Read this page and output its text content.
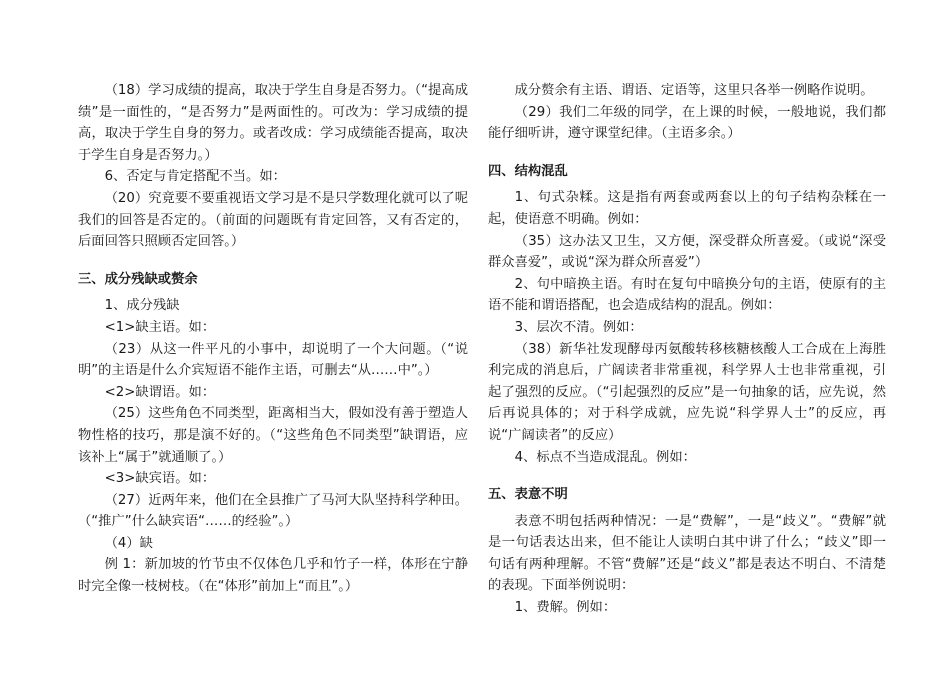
（18）学习成绩的提高，取决于学生自身是否努力。（“提高成绩”是一面性的，“是否努力”是两面性的。可改为：学习成绩的提高，取决于学生自身的努力。或者改成：学习成绩能否提高，取决于学生自身是否努力。）

6、否定与肯定搭配不当。如：

（20）究竟要不要重视语文学习是不是只学数理化就可以了呢我们的回答是否定的。（前面的问题既有肯定回答，又有否定的，后面回答只照顾否定回答。）

三、成分残缺或赘余

1、成分残缺

<1>缺主语。如：

（23）从这一件平凡的小事中，却说明了一个大问题。（“说明”的主语是什么介宾短语不能作主语，可删去“从……中”。）

<2>缺谓语。如：

（25）这些角色不同类型，距离相当大，假如没有善于塑造人物性格的技巧，那是演不好的。（“这些角色不同类型”缺谓语，应该补上“属于”就通顺了。）

<3>缺宾语。如：

（27）近两年来，他们在全县推广了马河大队坚持科学种田。（“推广”什么缺宾语“……的经验”。）

（4）缺

例 1：新加坡的竹节虫不仅体色几乎和竹子一样，体形在宁静时完全像一枝树枝。（在“体形”前加上“而且”。）

成分赘余有主语、谓语、定语等，这里只各举一例略作说明。

（29）我们二年级的同学，在上课的时候，一般地说，我们都能仔细听讲，遵守课堂纪律。（主语多余。）

四、结构混乱

1、句式杂糅。这是指有两套或两套以上的句子结构杂糅在一起，使语意不明确。例如：

（35）这办法又卫生，又方便，深受群众所喜爱。（或说“深受群众喜爱”，或说“深为群众所喜爱”）

2、句中暗换主语。有时在复句中暗换分句的主语，使原有的主语不能和谓语搭配，也会造成结构的混乱。例如：

3、层次不清。例如：

（38）新华社发现酵母丙氨酸转移核糖核酸人工合成在上海胜利完成的消息后，广阔读者非常重视，科学界人士也非常重视，引起了强烈的反应。（“引起强烈的反应”是一句抽象的话，应先说，然后再说具体的；对于科学成就，应先说“科学界人士”的反应，再说“广阔读者”的反应）

4、标点不当造成混乱。例如：

五、表意不明

表意不明包括两种情况：一是“费解”，一是“歧义”。“费解”就是一句话表达出来，但不能让人读明白其中讲了什么；“歧义”即一句话有两种理解。不管“费解”还是“歧义”都是表达不明白、不清楚的表现。下面举例说明：

1、费解。例如：
